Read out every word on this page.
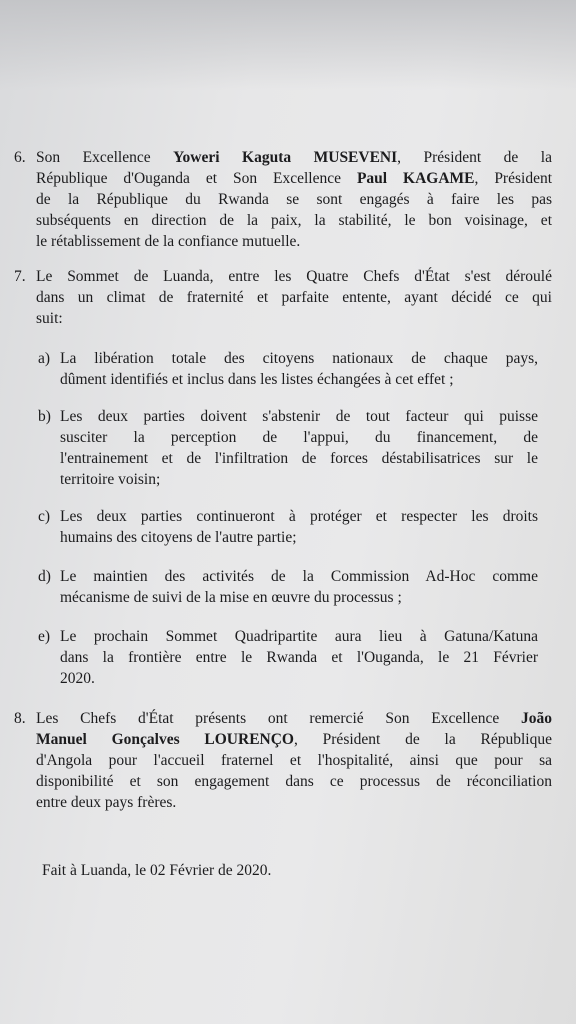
6. Son Excellence Yoweri Kaguta MUSEVENI, Président de la
République d'Ouganda et Son Excellence Paul KAGAME, Président
de la République du Rwanda se sont engagés à faire les pas
subséquents en direction de la paix, la stabilité, le bon voisinage, et
le rétablissement de la confiance mutuelle.
7. Le Sommet de Luanda, entre les Quatre Chefs d'État s'est déroulé
dans un climat de fraternité et parfaite entente, ayant décidé ce qui
suit:
a) La libération totale des citoyens nationaux de chaque pays,
dûment identifiés et inclus dans les listes échangées à cet effet ;
b) Les deux parties doivent s'abstenir de tout facteur qui puisse
susciter la perception de l'appui, du financement, de
l'entrainement et de l'infiltration de forces déstabilisatrices sur le
territoire voisin;
c) Les deux parties continueront à protéger et respecter les droits
humains des citoyens de l'autre partie;
d) Le maintien des activités de la Commission Ad-Hoc comme
mécanisme de suivi de la mise en œuvre du processus ;
e) Le prochain Sommet Quadripartite aura lieu à Gatuna/Katuna
dans la frontière entre le Rwanda et l'Ouganda, le 21 Février
2020.
8. Les Chefs d'État présents ont remercié Son Excellence João
Manuel Gonçalves LOURENÇO, Président de la République
d'Angola pour l'accueil fraternel et l'hospitalité, ainsi que pour sa
disponibilité et son engagement dans ce processus de réconciliation
entre deux pays frères.
Fait à Luanda, le 02 Février de 2020.
